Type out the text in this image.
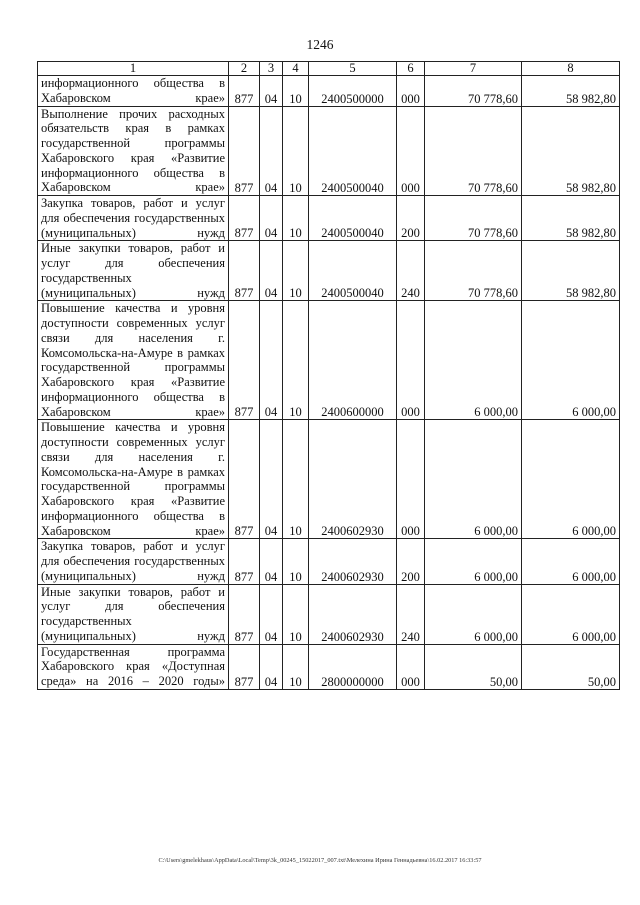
1246
1	2	3	4	5	6	7	8
информационного общества в Хабаровском крае»	877	04	10	2400500000	000	70 778,60	58 982,80
Выполнение прочих расходных обязательств края в рамках государственной программы Хабаровского края «Развитие информационного общества в Хабаровском крае»	877	04	10	2400500040	000	70 778,60	58 982,80
Закупка товаров, работ и услуг для обеспечения государственных (муниципальных) нужд	877	04	10	2400500040	200	70 778,60	58 982,80
Иные закупки товаров, работ и услуг для обеспечения государственных (муниципальных) нужд	877	04	10	2400500040	240	70 778,60	58 982,80
Повышение качества и уровня доступности современных услуг связи для населения г. Комсомольска-на-Амуре в рамках государственной программы Хабаровского края «Развитие информационного общества в Хабаровском крае»	877	04	10	2400600000	000	6 000,00	6 000,00
Повышение качества и уровня доступности современных услуг связи для населения г. Комсомольска-на-Амуре в рамках государственной программы Хабаровского края «Развитие информационного общества в Хабаровском крае»	877	04	10	2400602930	000	6 000,00	6 000,00
Закупка товаров, работ и услуг для обеспечения государственных (муниципальных) нужд	877	04	10	2400602930	200	6 000,00	6 000,00
Иные закупки товаров, работ и услуг для обеспечения государственных (муниципальных) нужд	877	04	10	2400602930	240	6 000,00	6 000,00
Государственная программа Хабаровского края «Доступная среда» на 2016 – 2020 годы»	877	04	10	2800000000	000	50,00	50,00
C:\Users\gmelekhaus\AppData\Local\Temp\3k_00245_15022017_007.txt\Мелехина Ирина Геннадьевна\16.02.2017 16:33:57
